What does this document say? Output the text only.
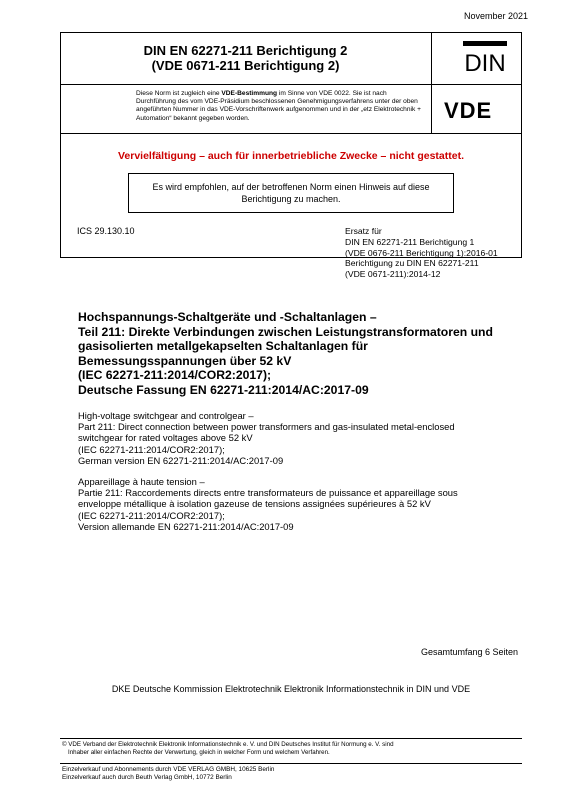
November 2021
DIN EN 62271-211 Berichtigung 2
(VDE 0671-211 Berichtigung 2)	DIN
Diese Norm ist zugleich eine VDE-Bestimmung im Sinne von VDE 0022. Sie ist nach Durchführung des vom VDE-Präsidium beschlossenen Genehmigungsverfahrens unter der oben angeführten Nummer in das VDE-Vorschriftenwerk aufgenommen und in der „etz Elektrotechnik + Automation“ bekannt gegeben worden.	VDE
Vervielfältigung – auch für innerbetriebliche Zwecke – nicht gestattet.
Es wird empfohlen, auf der betroffenen Norm einen Hinweis auf diese Berichtigung zu machen.
ICS 29.130.10	Ersatz für
DIN EN 62271-211 Berichtigung 1
(VDE 0676-211 Berichtigung 1):2016-01
Berichtigung zu DIN EN 62271-211
(VDE 0671-211):2014-12
Hochspannungs-Schaltgeräte und -Schaltanlagen –
Teil 211: Direkte Verbindungen zwischen Leistungstransformatoren und
gasisolierten metallgekapselten Schaltanlagen für
Bemessungsspannungen über 52 kV
(IEC 62271-211:2014/COR2:2017);
Deutsche Fassung EN 62271-211:2014/AC:2017-09
High-voltage switchgear and controlgear –
Part 211: Direct connection between power transformers and gas-insulated metal-enclosed
switchgear for rated voltages above 52 kV
(IEC 62271-211:2014/COR2:2017);
German version EN 62271-211:2014/AC:2017-09
Appareillage à haute tension –
Partie 211: Raccordements directs entre transformateurs de puissance et appareillage sous
enveloppe métallique à isolation gazeuse de tensions assignées supérieures à 52 kV
(IEC 62271-211:2014/COR2:2017);
Version allemande EN 62271-211:2014/AC:2017-09
Gesamtumfang 6 Seiten
DKE Deutsche Kommission Elektrotechnik Elektronik Informationstechnik in DIN und VDE
© VDE Verband der Elektrotechnik Elektronik Informationstechnik e. V. und DIN Deutsches Institut für Normung e. V. sind
Inhaber aller einfachen Rechte der Verwertung, gleich in welcher Form und welchem Verfahren.
Einzelverkauf und Abonnements durch VDE VERLAG GMBH, 10625 Berlin
Einzelverkauf auch durch Beuth Verlag GmbH, 10772 Berlin
